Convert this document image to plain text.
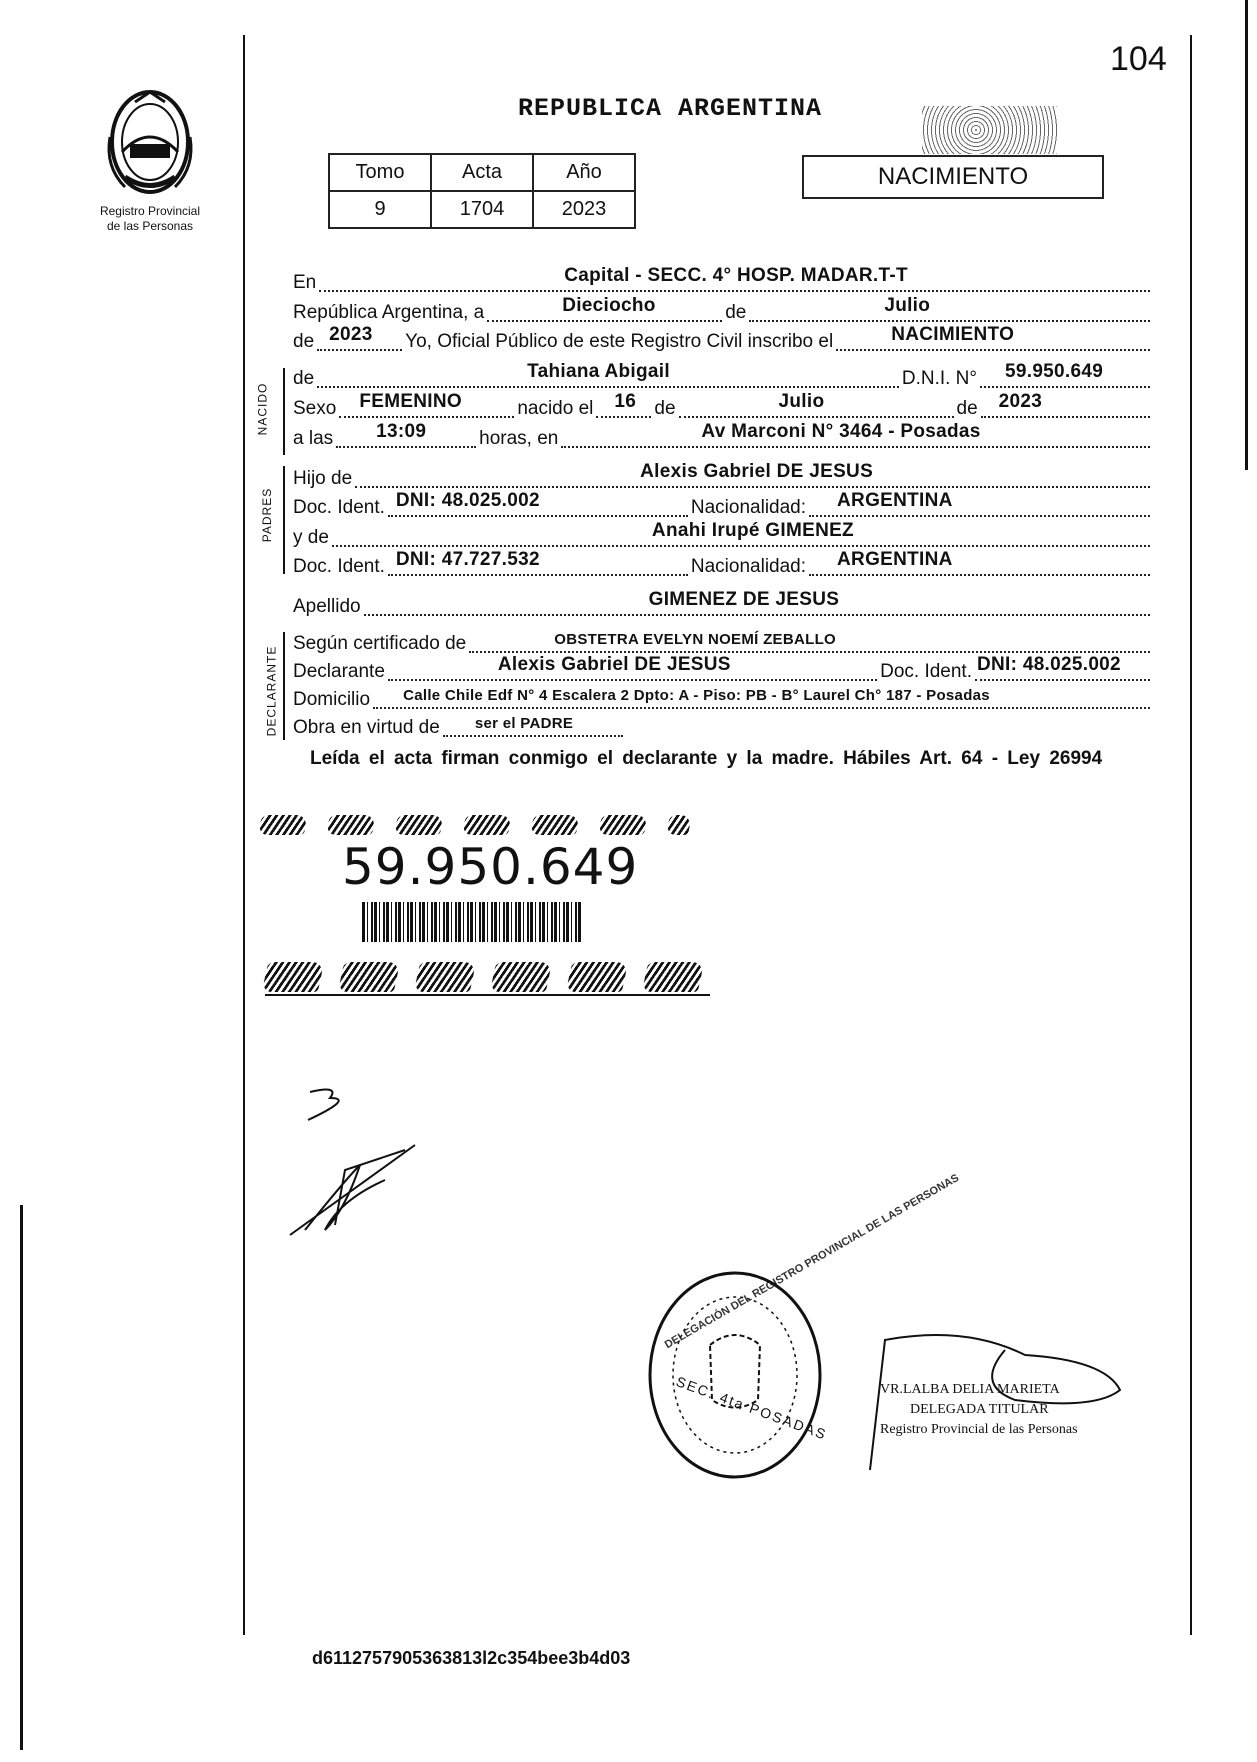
104
Registro Provincial
de las Personas
REPUBLICA ARGENTINA
Tomo	Acta	Año
9	1704	2023
NACIMIENTO
En	Capital - SECC. 4° HOSP. MADAR.T-T
República Argentina, a	Dieciocho	de	Julio
de 2023 Yo, Oficial Público de este Registro Civil inscribo el	NACIMIENTO
NACIDO
de	Tahiana Abigail	D.N.I. N° 59.950.649
Sexo FEMENINO	nacido el 16 de	Julio	de 2023
a las 13:09	horas, en	Av Marconi N° 3464 - Posadas
PADRES
Hijo de	Alexis Gabriel DE JESUS
Doc. Ident. DNI: 48.025.002	Nacionalidad: ARGENTINA
y de	Anahi Irupé GIMENEZ
Doc. Ident. DNI: 47.727.532	Nacionalidad: ARGENTINA
Apellido	GIMENEZ DE JESUS
DECLARANTE
Según certificado de	OBSTETRA EVELYN NOEMÍ ZEBALLO
Declarante	Alexis Gabriel DE JESUS	Doc. Ident. DNI: 48.025.002
Domicilio Calle Chile Edf N° 4 Escalera 2 Dpto: A - Piso: PB - B° Laurel Ch° 187 - Posadas
Obra en virtud de ser el PADRE
Leída el acta firman conmigo el declarante y la madre. Hábiles Art. 64 - Ley 26994
59.950.649
DELEGACIÓN DEL REGISTRO PROVINCIAL DE LAS PERSONAS
SEC. 4ta POSADAS	VR.LALBA DELIA MARIETA
DELEGADA TITULAR
Registro Provincial de las Personas
d6112757905363813l2c354bee3b4d03
